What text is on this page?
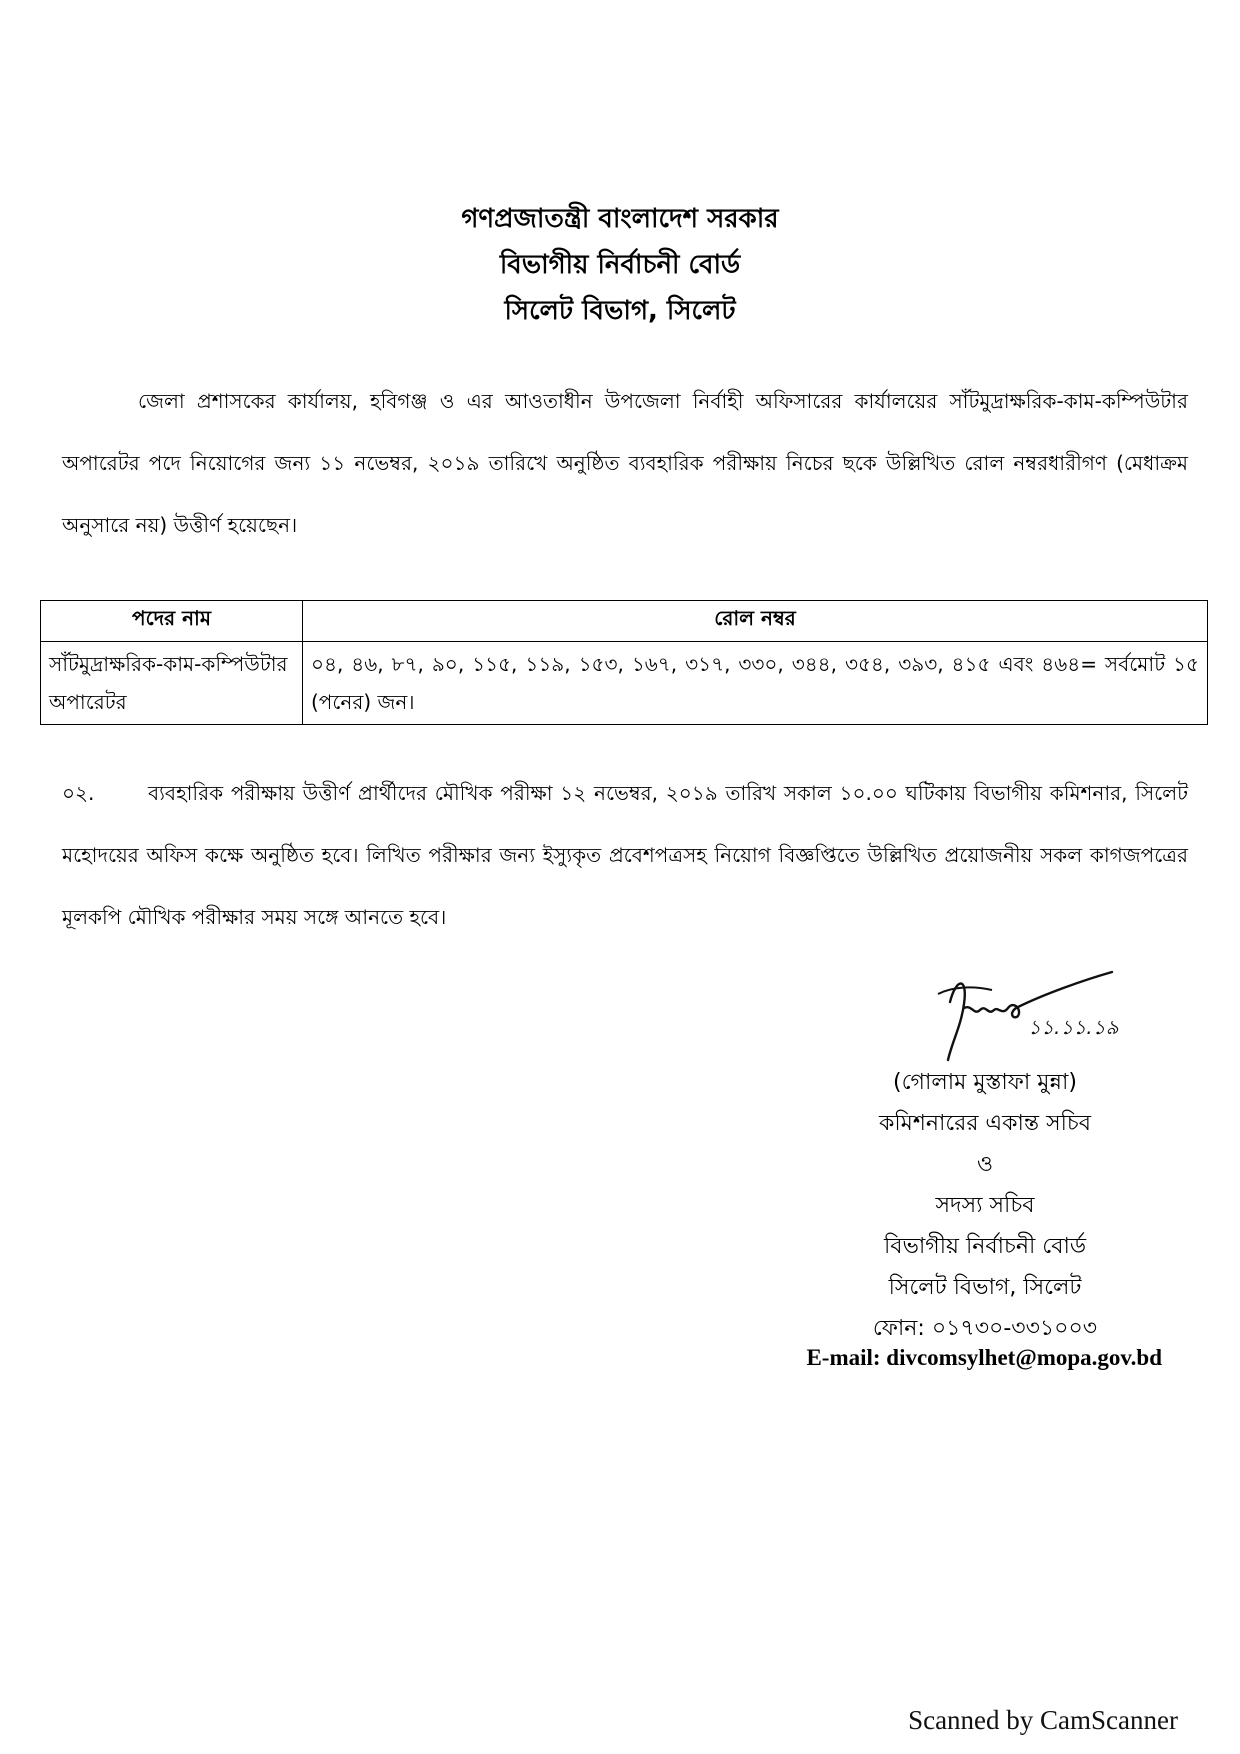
গণপ্রজাতন্ত্রী বাংলাদেশ সরকার
বিভাগীয় নির্বাচনী বোর্ড
সিলেট বিভাগ, সিলেট
জেলা প্রশাসকের কার্যালয়, হবিগঞ্জ ও এর আওতাধীন উপজেলা নির্বাহী অফিসারের কার্যালয়ের সাঁটমুদ্রাক্ষরিক-কাম-কম্পিউটার অপারেটর পদে নিয়োগের জন্য ১১ নভেম্বর, ২০১৯ তারিখে অনুষ্ঠিত ব্যবহারিক পরীক্ষায় নিচের ছকে উল্লিখিত রোল নম্বরধারীগণ (মেধাক্রম অনুসারে নয়) উত্তীর্ণ হয়েছেন।
পদের নাম	রোল নম্বর
সাঁটমুদ্রাক্ষরিক-কাম-কম্পিউটার অপারেটর	০৪, ৪৬, ৮৭, ৯০, ১১৫, ১১৯, ১৫৩, ১৬৭, ৩১৭, ৩৩০, ৩৪৪, ৩৫৪, ৩৯৩, ৪১৫ এবং ৪৬৪= সর্বমোট ১৫ (পনের) জন।
০২.	ব্যবহারিক পরীক্ষায় উত্তীর্ণ প্রার্থীদের মৌখিক পরীক্ষা ১২ নভেম্বর, ২০১৯ তারিখ সকাল ১০.০০ ঘটিকায় বিভাগীয় কমিশনার, সিলেট মহোদয়ের অফিস কক্ষে অনুষ্ঠিত হবে। লিখিত পরীক্ষার জন্য ইস্যুকৃত প্রবেশপত্রসহ নিয়োগ বিজ্ঞপ্তিতে উল্লিখিত প্রয়োজনীয় সকল কাগজপত্রের মূলকপি মৌখিক পরীক্ষার সময় সঙ্গে আনতে হবে।
১১.১১.১৯
(গোলাম মুস্তাফা মুন্না)
কমিশনারের একান্ত সচিব
ও
সদস্য সচিব
বিভাগীয় নির্বাচনী বোর্ড
সিলেট বিভাগ, সিলেট
ফোন: ০১৭৩০-৩৩১০০৩
E-mail: divcomsylhet@mopa.gov.bd
Scanned by CamScanner
